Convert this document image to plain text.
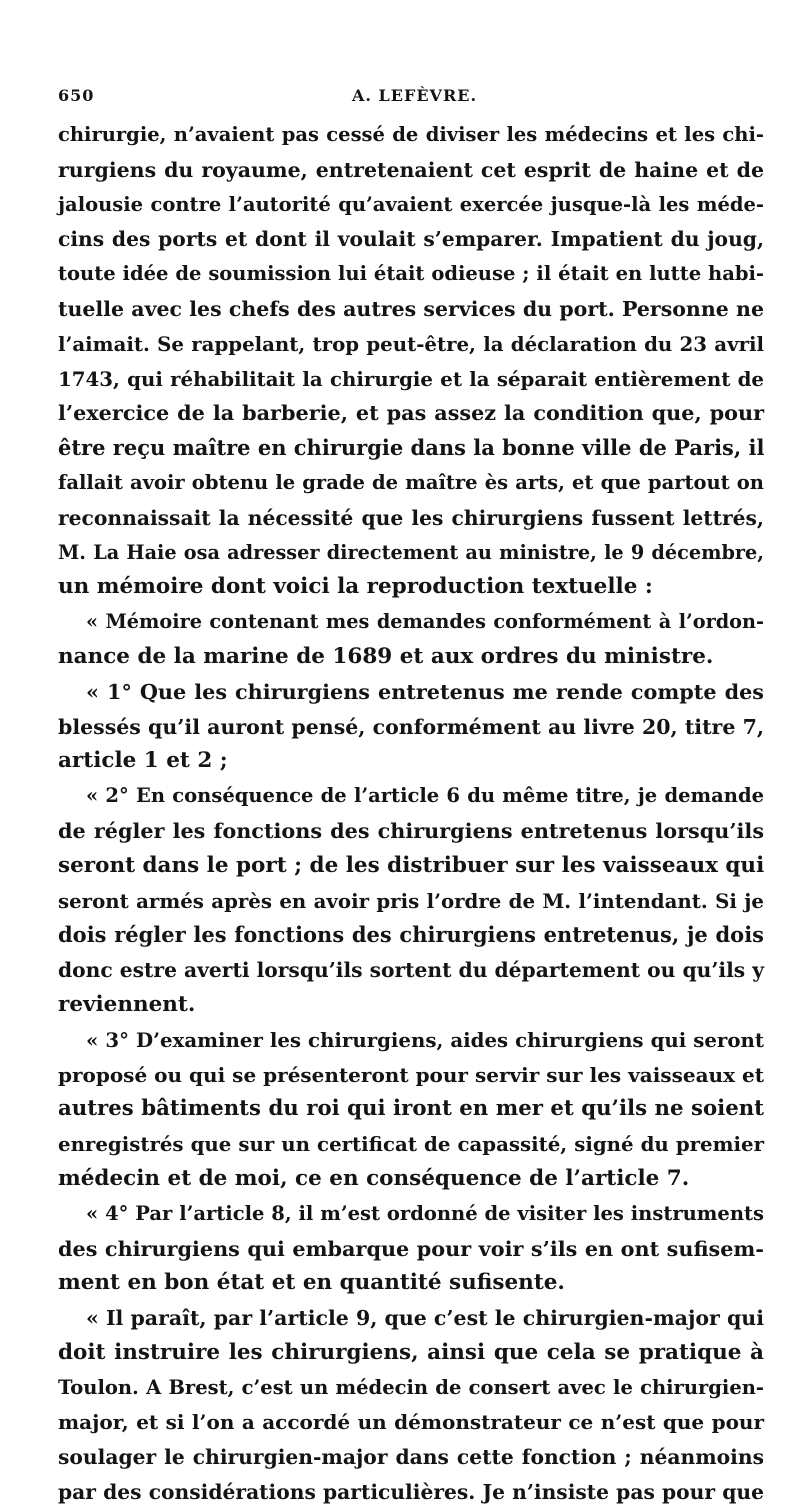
650	A. LEFÈVRE.
chirurgie, n’avaient pas cessé de diviser les médecins et les chi-
rurgiens du royaume, entretenaient cet esprit de haine et de
jalousie contre l’autorité qu’avaient exercée jusque-là les méde-
cins des ports et dont il voulait s’emparer. Impatient du joug,
toute idée de soumission lui était odieuse ; il était en lutte habi-
tuelle avec les chefs des autres services du port. Personne ne
l’aimait. Se rappelant, trop peut-être, la déclaration du 23 avril
1743, qui réhabilitait la chirurgie et la séparait entièrement de
l’exercice de la barberie, et pas assez la condition que, pour
être reçu maître en chirurgie dans la bonne ville de Paris, il
fallait avoir obtenu le grade de maître ès arts, et que partout on
reconnaissait la nécessité que les chirurgiens fussent lettrés,
M. La Haie osa adresser directement au ministre, le 9 décembre,
un mémoire dont voici la reproduction textuelle :
« Mémoire contenant mes demandes conformément à l’ordon-
nance de la marine de 1689 et aux ordres du ministre.
« 1° Que les chirurgiens entretenus me rende compte des
blessés qu’il auront pensé, conformément au livre 20, titre 7,
article 1 et 2 ;
« 2° En conséquence de l’article 6 du même titre, je demande
de régler les fonctions des chirurgiens entretenus lorsqu’ils
seront dans le port ; de les distribuer sur les vaisseaux qui
seront armés après en avoir pris l’ordre de M. l’intendant. Si je
dois régler les fonctions des chirurgiens entretenus, je dois
donc estre averti lorsqu’ils sortent du département ou qu’ils y
reviennent.
« 3° D’examiner les chirurgiens, aides chirurgiens qui seront
proposé ou qui se présenteront pour servir sur les vaisseaux et
autres bâtiments du roi qui iront en mer et qu’ils ne soient
enregistrés que sur un certificat de capassité, signé du premier
médecin et de moi, ce en conséquence de l’article 7.
« 4° Par l’article 8, il m’est ordonné de visiter les instruments
des chirurgiens qui embarque pour voir s’ils en ont sufisem-
ment en bon état et en quantité sufisente.
« Il paraît, par l’article 9, que c’est le chirurgien-major qui
doit instruire les chirurgiens, ainsi que cela se pratique à
Toulon. A Brest, c’est un médecin de consert avec le chirurgien-
major, et si l’on a accordé un démonstrateur ce n’est que pour
soulager le chirurgien-major dans cette fonction ; néanmoins
par des considérations particulières. Je n’insiste pas pour que
